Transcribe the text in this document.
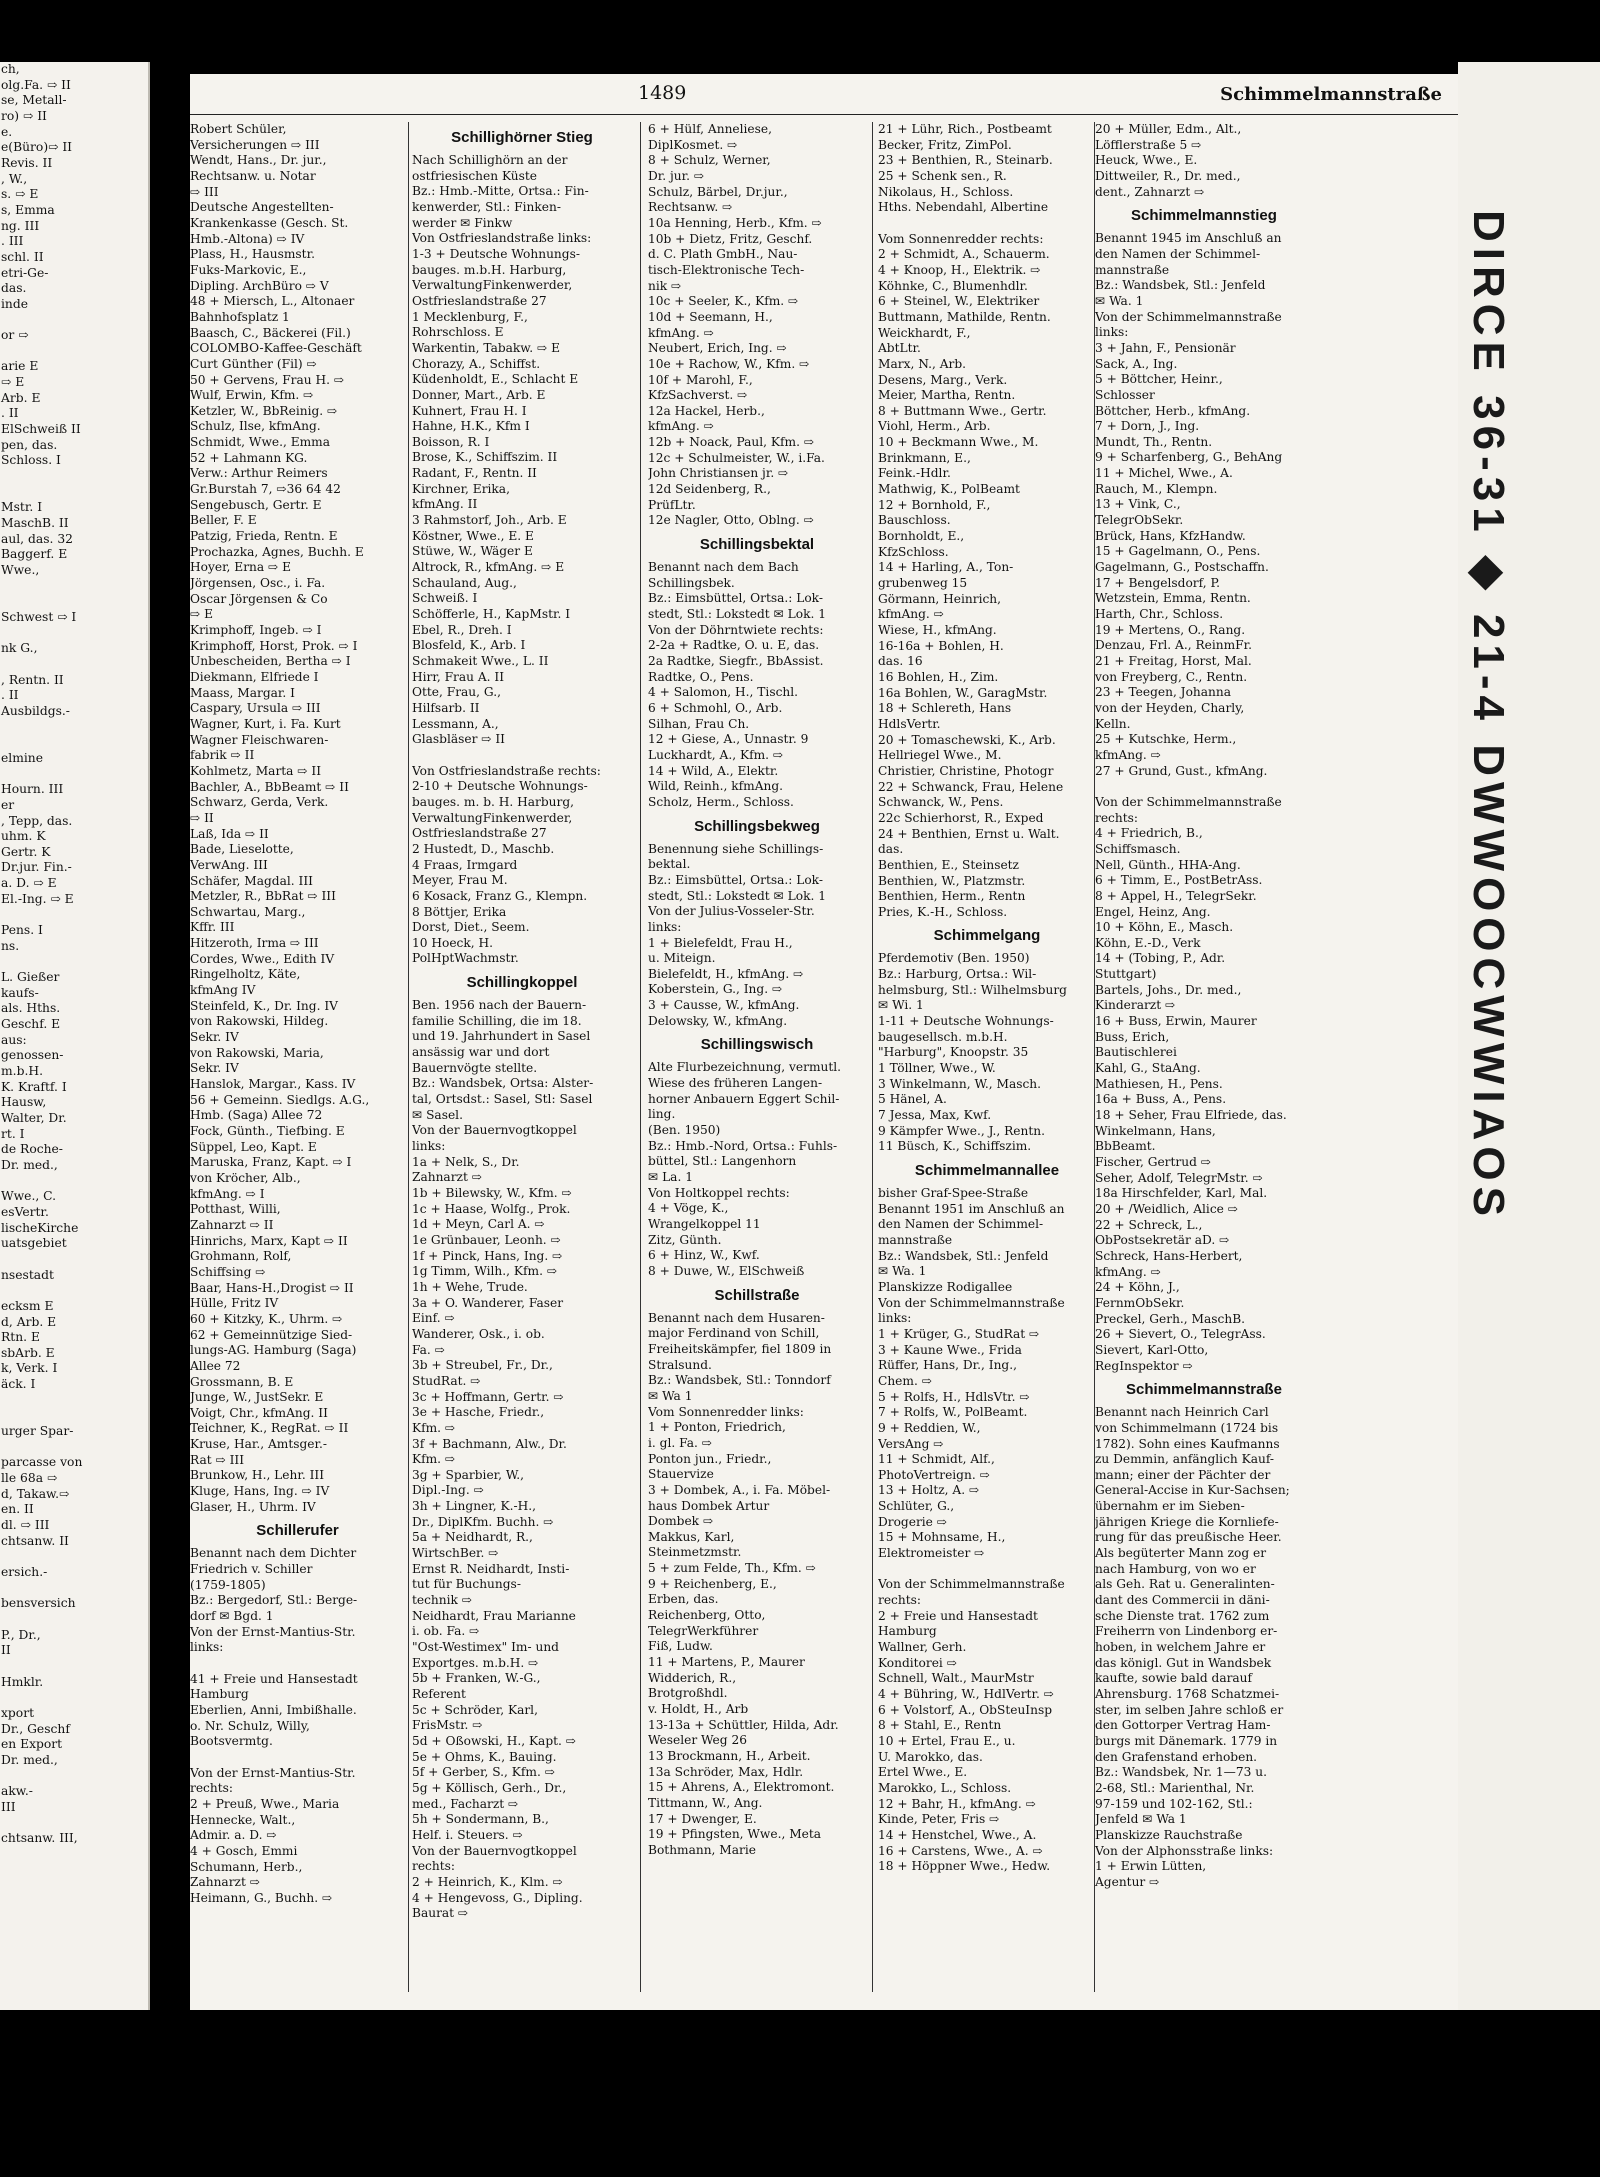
ch,
olg.Fa. ⇨ II
se, Metall-
ro) ⇨ II
e.
e(Büro)⇨ II
Revis. II
, W.,
s. ⇨ E
s, Emma
ng. III
. III
schl. II
etri-Ge-
das.
inde

or ⇨

arie E
⇨ E
Arb. E
. II
ElSchweiß II
pen, das.
Schloss. I

Mstr. I
MaschB. II
aul, das. 32
Baggerf. E
Wwe.,

Schwest ⇨ I

nk G.,

, Rentn. II
. II
Ausbildgs.-

elmine

Hourn. III
er
, Tepp, das.
uhm. K
Gertr. K
Dr.jur. Fin.-
a. D. ⇨ E
El.-Ing. ⇨ E

Pens. I
ns.

L. Gießer
kaufs-
als. Hths.
Geschf. E
aus:
genossen-
m.b.H.
K. Kraftf. I
Hausw,
Walter, Dr.
rt. I
de Roche-
Dr. med.,

Wwe., C.
esVertr.
lischeKirche
uatsgebiet

nsestadt

ecksm E
d, Arb. E
Rtn. E
sbArb. E
k, Verk. I
äck. I

urger Spar-

parcasse von
lle 68a ⇨
d, Takaw.⇨
en. II
dl. ⇨ III
chtsanw. II

ersich.-

bensversich

P., Dr.,
II

Hmklr.

xport
Dr., Geschf
en Export
Dr. med.,

akw.-
III

chtsanw. III,
1489	Schimmelmannstraße
Robert Schüler,
Versicherungen ⇨ III
Wendt, Hans., Dr. jur.,
Rechtsanw. u. Notar
⇨ III
Deutsche Angestellten-
Krankenkasse (Gesch. St.
Hmb.-Altona) ⇨ IV
Plass, H., Hausmstr.
Fuks-Markovic, E.,
Dipling. ArchBüro ⇨ V
48 + Miersch, L., Altonaer
Bahnhofsplatz 1
Baasch, C., Bäckerei (Fil.)
COLOMBO-Kaffee-Geschäft
Curt Günther (Fil) ⇨
50 + Gervens, Frau H. ⇨
Wulf, Erwin, Kfm. ⇨
Ketzler, W., BbReinig. ⇨
Schulz, Ilse, kfmAng.
Schmidt, Wwe., Emma
52 + Lahmann KG.
Verw.: Arthur Reimers
Gr.Burstah 7, ⇨36 64 42
Sengebusch, Gertr. E
Beller, F. E
Patzig, Frieda, Rentn. E
Prochazka, Agnes, Buchh. E
Hoyer, Erna ⇨ E
Jörgensen, Osc., i. Fa.
Oscar Jörgensen & Co
⇨ E
Krimphoff, Ingeb. ⇨ I
Krimphoff, Horst, Prok. ⇨ I
Unbescheiden, Bertha ⇨ I
Diekmann, Elfriede I
Maass, Margar. I
Caspary, Ursula ⇨ III
Wagner, Kurt, i. Fa. Kurt
Wagner Fleischwaren-
fabrik ⇨ II
Kohlmetz, Marta ⇨ II
Bachler, A., BbBeamt ⇨ II
Schwarz, Gerda, Verk.
⇨ II
Laß, Ida ⇨ II
Bade, Lieselotte,
VerwAng. III
Schäfer, Magdal. III
Metzler, R., BbRat ⇨ III
Schwartau, Marg.,
Kffr. III
Hitzeroth, Irma ⇨ III
Cordes, Wwe., Edith IV
Ringelholtz, Käte,
kfmAng IV
Steinfeld, K., Dr. Ing. IV
von Rakowski, Hildeg.
Sekr. IV
von Rakowski, Maria,
Sekr. IV
Hanslok, Margar., Kass. IV
56 + Gemeinn. Siedlgs. A.G.,
Hmb. (Saga) Allee 72
Fock, Günth., Tiefbing. E
Süppel, Leo, Kapt. E
Maruska, Franz, Kapt. ⇨ I
von Kröcher, Alb.,
kfmAng. ⇨ I
Potthast, Willi,
Zahnarzt ⇨ II
Hinrichs, Marx, Kapt ⇨ II
Grohmann, Rolf,
Schiffsing ⇨
Baar, Hans-H.,Drogist ⇨ II
Hülle, Fritz IV
60 + Kitzky, K., Uhrm. ⇨
62 + Gemeinnützige Sied-
lungs-AG. Hamburg (Saga)
Allee 72
Grossmann, B. E
Junge, W., JustSekr. E
Voigt, Chr., kfmAng. II
Teichner, K., RegRat. ⇨ II
Kruse, Har., Amtsger.-
Rat ⇨ III
Brunkow, H., Lehr. III
Kluge, Hans, Ing. ⇨ IV
Glaser, H., Uhrm. IV
Schillerufer
Benannt nach dem Dichter
Friedrich v. Schiller
(1759-1805)
Bz.: Bergedorf, Stl.: Berge-
dorf ✉ Bgd. 1
Von der Ernst-Mantius-Str.
links:

41 + Freie und Hansestadt
Hamburg
Eberlien, Anni, Imbißhalle.
o. Nr. Schulz, Willy,
Bootsvermtg.

Von der Ernst-Mantius-Str.
rechts:
2 + Preuß, Wwe., Maria
Hennecke, Walt.,
Admir. a. D. ⇨
4 + Gosch, Emmi
Schumann, Herb.,
Zahnarzt ⇨
Heimann, G., Buchh. ⇨
Schillighörner Stieg
Nach Schillighörn an der
ostfriesischen Küste
Bz.: Hmb.-Mitte, Ortsa.: Fin-
kenwerder, Stl.: Finken-
werder ✉ Finkw
Von Ostfrieslandstraße links:
1-3 + Deutsche Wohnungs-
bauges. m.b.H. Harburg,
VerwaltungFinkenwerder,
Ostfrieslandstraße 27
1 Mecklenburg, F.,
Rohrschloss. E
Warkentin, Tabakw. ⇨ E
Chorazy, A., Schiffst.
Küdenholdt, E., Schlacht E
Donner, Mart., Arb. E
Kuhnert, Frau H. I
Hahne, H.K., Kfm I
Boisson, R. I
Brose, K., Schiffszim. II
Radant, F., Rentn. II
Kirchner, Erika,
kfmAng. II
3 Rahmstorf, Joh., Arb. E
Köstner, Wwe., E. E
Stüwe, W., Wäger E
Altrock, R., kfmAng. ⇨ E
Schauland, Aug.,
Schweiß. I
Schöfferle, H., KapMstr. I
Ebel, R., Dreh. I
Blosfeld, K., Arb. I
Schmakeit Wwe., L. II
Hirr, Frau A. II
Otte, Frau, G.,
Hilfsarb. II
Lessmann, A.,
Glasbläser ⇨ II

Von Ostfrieslandstraße rechts:
2-10 + Deutsche Wohnungs-
bauges. m. b. H. Harburg,
VerwaltungFinkenwerder,
Ostfrieslandstraße 27
2 Hustedt, D., Maschb.
4 Fraas, Irmgard
Meyer, Frau M.
6 Kosack, Franz G., Klempn.
8 Böttjer, Erika
Dorst, Diet., Seem.
10 Hoeck, H.
PolHptWachmstr.
Schillingkoppel
Ben. 1956 nach der Bauern-
familie Schilling, die im 18.
und 19. Jahrhundert in Sasel
ansässig war und dort
Bauernvögte stellte.
Bz.: Wandsbek, Ortsa: Alster-
tal, Ortsdst.: Sasel, Stl: Sasel
✉ Sasel.
Von der Bauernvogtkoppel
links:
1a + Nelk, S., Dr.
Zahnarzt ⇨
1b + Bilewsky, W., Kfm. ⇨
1c + Haase, Wolfg., Prok.
1d + Meyn, Carl A. ⇨
1e Grünbauer, Leonh. ⇨
1f + Pinck, Hans, Ing. ⇨
1g Timm, Wilh., Kfm. ⇨
1h + Wehe, Trude.
3a + O. Wanderer, Faser
Einf. ⇨
Wanderer, Osk., i. ob.
Fa. ⇨
3b + Streubel, Fr., Dr.,
StudRat. ⇨
3c + Hoffmann, Gertr. ⇨
3e + Hasche, Friedr.,
Kfm. ⇨
3f + Bachmann, Alw., Dr.
Kfm. ⇨
3g + Sparbier, W.,
Dipl.-Ing. ⇨
3h + Lingner, K.-H.,
Dr., DiplKfm. Buchh. ⇨
5a + Neidhardt, R.,
WirtschBer. ⇨
Ernst R. Neidhardt, Insti-
tut für Buchungs-
technik ⇨
Neidhardt, Frau Marianne
i. ob. Fa. ⇨
"Ost-Westimex" Im- und
Exportges. m.b.H. ⇨
5b + Franken, W.-G.,
Referent
5c + Schröder, Karl,
FrisMstr. ⇨
5d + Oßowski, H., Kapt. ⇨
5e + Ohms, K., Bauing.
5f + Gerber, S., Kfm. ⇨
5g + Köllisch, Gerh., Dr.,
med., Facharzt ⇨
5h + Sondermann, B.,
Helf. i. Steuers. ⇨
Von der Bauernvogtkoppel
rechts:
2 + Heinrich, K., Klm. ⇨
4 + Hengevoss, G., Dipling.
Baurat ⇨
6 + Hülf, Anneliese,
DiplKosmet. ⇨
8 + Schulz, Werner,
Dr. jur. ⇨
Schulz, Bärbel, Dr.jur.,
Rechtsanw. ⇨
10a Henning, Herb., Kfm. ⇨
10b + Dietz, Fritz, Geschf.
d. C. Plath GmbH., Nau-
tisch-Elektronische Tech-
nik ⇨
10c + Seeler, K., Kfm. ⇨
10d + Seemann, H.,
kfmAng. ⇨
Neubert, Erich, Ing. ⇨
10e + Rachow, W., Kfm. ⇨
10f + Marohl, F.,
KfzSachverst. ⇨
12a Hackel, Herb.,
kfmAng. ⇨
12b + Noack, Paul, Kfm. ⇨
12c + Schulmeister, W., i.Fa.
John Christiansen jr. ⇨
12d Seidenberg, R.,
PrüfLtr.
12e Nagler, Otto, Oblng. ⇨
Schillingsbektal
Benannt nach dem Bach
Schillingsbek.
Bz.: Eimsbüttel, Ortsa.: Lok-
stedt, Stl.: Lokstedt ✉ Lok. 1
Von der Döhrntwiete rechts:
2-2a + Radtke, O. u. E, das.
2a Radtke, Siegfr., BbAssist.
Radtke, O., Pens.
4 + Salomon, H., Tischl.
6 + Schmohl, O., Arb.
Silhan, Frau Ch.
12 + Giese, A., Unnastr. 9
Luckhardt, A., Kfm. ⇨
14 + Wild, A., Elektr.
Wild, Reinh., kfmAng.
Scholz, Herm., Schloss.
Schillingsbekweg
Benennung siehe Schillings-
bektal.
Bz.: Eimsbüttel, Ortsa.: Lok-
stedt, Stl.: Lokstedt ✉ Lok. 1
Von der Julius-Vosseler-Str.
links:
1 + Bielefeldt, Frau H.,
u. Miteign.
Bielefeldt, H., kfmAng. ⇨
Koberstein, G., Ing. ⇨
3 + Causse, W., kfmAng.
Delowsky, W., kfmAng.
Schillingswisch
Alte Flurbezeichnung, vermutl.
Wiese des früheren Langen-
horner Anbauern Eggert Schil-
ling.
(Ben. 1950)
Bz.: Hmb.-Nord, Ortsa.: Fuhls-
büttel, Stl.: Langenhorn
✉ La. 1
Von Holtkoppel rechts:
4 + Vöge, K.,
Wrangelkoppel 11
Zitz, Günth.
6 + Hinz, W., Kwf.
8 + Duwe, W., ElSchweiß
Schillstraße
Benannt nach dem Husaren-
major Ferdinand von Schill,
Freiheitskämpfer, fiel 1809 in
Stralsund.
Bz.: Wandsbek, Stl.: Tonndorf
✉ Wa 1
Vom Sonnenredder links:
1 + Ponton, Friedrich,
i. gl. Fa. ⇨
Ponton jun., Friedr.,
Stauervize
3 + Dombek, A., i. Fa. Möbel-
haus Dombek Artur
Dombek ⇨
Makkus, Karl,
Steinmetzmstr.
5 + zum Felde, Th., Kfm. ⇨
9 + Reichenberg, E.,
Erben, das.
Reichenberg, Otto,
TelegrWerkführer
Fiß, Ludw.
11 + Martens, P., Maurer
Widderich, R.,
Brotgroßhdl.
v. Holdt, H., Arb
13-13a + Schüttler, Hilda, Adr.
Weseler Weg 26
13 Brockmann, H., Arbeit.
13a Schröder, Max, Hdlr.
15 + Ahrens, A., Elektromont.
Tittmann, W., Ang.
17 + Dwenger, E.
19 + Pfingsten, Wwe., Meta
Bothmann, Marie
21 + Lühr, Rich., Postbeamt
Becker, Fritz, ZimPol.
23 + Benthien, R., Steinarb.
25 + Schenk sen., R.
Nikolaus, H., Schloss.
Hths. Nebendahl, Albertine

Vom Sonnenredder rechts:
2 + Schmidt, A., Schauerm.
4 + Knoop, H., Elektrik. ⇨
Köhnke, C., Blumenhdlr.
6 + Steinel, W., Elektriker
Buttmann, Mathilde, Rentn.
Weickhardt, F.,
AbtLtr.
Marx, N., Arb.
Desens, Marg., Verk.
Meier, Martha, Rentn.
8 + Buttmann Wwe., Gertr.
Viohl, Herm., Arb.
10 + Beckmann Wwe., M.
Brinkmann, E.,
Feink.-Hdlr.
Mathwig, K., PolBeamt
12 + Bornhold, F.,
Bauschloss.
Bornholdt, E.,
KfzSchloss.
14 + Harling, A., Ton-
grubenweg 15
Görmann, Heinrich,
kfmAng. ⇨
Wiese, H., kfmAng.
16-16a + Bohlen, H.
das. 16
16 Bohlen, H., Zim.
16a Bohlen, W., GaragMstr.
18 + Schlereth, Hans
HdlsVertr.
20 + Tomaschewski, K., Arb.
Hellriegel Wwe., M.
Christier, Christine, Photogr
22 + Schwanck, Frau, Helene
Schwanck, W., Pens.
22c Schierhorst, R., Exped
24 + Benthien, Ernst u. Walt.
das.
Benthien, E., Steinsetz
Benthien, W., Platzmstr.
Benthien, Herm., Rentn
Pries, K.-H., Schloss.
Schimmelgang
Pferdemotiv (Ben. 1950)
Bz.: Harburg, Ortsa.: Wil-
helmsburg, Stl.: Wilhelmsburg
✉ Wi. 1
1-11 + Deutsche Wohnungs-
baugesellsch. m.b.H.
"Harburg", Knoopstr. 35
1 Töllner, Wwe., W.
3 Winkelmann, W., Masch.
5 Hänel, A.
7 Jessa, Max, Kwf.
9 Kämpfer Wwe., J., Rentn.
11 Büsch, K., Schiffszim.
Schimmelmannallee
bisher Graf-Spee-Straße
Benannt 1951 im Anschluß an
den Namen der Schimmel-
mannstraße
Bz.: Wandsbek, Stl.: Jenfeld
✉ Wa. 1
Planskizze Rodigallee
Von der Schimmelmannstraße
links:
1 + Krüger, G., StudRat ⇨
3 + Kaune Wwe., Frida
Rüffer, Hans, Dr., Ing.,
Chem. ⇨
5 + Rolfs, H., HdlsVtr. ⇨
7 + Rolfs, W., PolBeamt.
9 + Reddien, W.,
VersAng ⇨
11 + Schmidt, Alf.,
PhotoVertreign. ⇨
13 + Holtz, A. ⇨
Schlüter, G.,
Drogerie ⇨
15 + Mohnsame, H.,
Elektromeister ⇨

Von der Schimmelmannstraße
rechts:
2 + Freie und Hansestadt
Hamburg
Wallner, Gerh.
Konditorei ⇨
Schnell, Walt., MaurMstr
4 + Bühring, W., HdlVertr. ⇨
6 + Volstorf, A., ObSteuInsp
8 + Stahl, E., Rentn
10 + Ertel, Frau E., u.
U. Marokko, das.
Ertel Wwe., E.
Marokko, L., Schloss.
12 + Bahr, H., kfmAng. ⇨
Kinde, Peter, Fris ⇨
14 + Henstchel, Wwe., A.
16 + Carstens, Wwe., A. ⇨
18 + Höppner Wwe., Hedw.
20 + Müller, Edm., Alt.,
Löfflerstraße 5 ⇨
Heuck, Wwe., E.
Dittweiler, R., Dr. med.,
dent., Zahnarzt ⇨
Schimmelmannstieg
Benannt 1945 im Anschluß an
den Namen der Schimmel-
mannstraße
Bz.: Wandsbek, Stl.: Jenfeld
✉ Wa. 1
Von der Schimmelmannstraße
links:
3 + Jahn, F., Pensionär
Sack, A., Ing.
5 + Böttcher, Heinr.,
Schlosser
Böttcher, Herb., kfmAng.
7 + Dorn, J., Ing.
Mundt, Th., Rentn.
9 + Scharfenberg, G., BehAng
11 + Michel, Wwe., A.
Rauch, M., Klempn.
13 + Vink, C.,
TelegrObSekr.
Brück, Hans, KfzHandw.
15 + Gagelmann, O., Pens.
Gagelmann, G., Postschaffn.
17 + Bengelsdorf, P.
Wetzstein, Emma, Rentn.
Harth, Chr., Schloss.
19 + Mertens, O., Rang.
Denzau, Frl. A., ReinmFr.
21 + Freitag, Horst, Mal.
von Freyberg, C., Rentn.
23 + Teegen, Johanna
von der Heyden, Charly,
Kelln.
25 + Kutschke, Herm.,
kfmAng. ⇨
27 + Grund, Gust., kfmAng.

Von der Schimmelmannstraße
rechts:
4 + Friedrich, B.,
Schiffsmasch.
Nell, Günth., HHA-Ang.
6 + Timm, E., PostBetrAss.
8 + Appel, H., TelegrSekr.
Engel, Heinz, Ang.
10 + Köhn, E., Masch.
Köhn, E.-D., Verk
14 + (Tobing, P., Adr.
Stuttgart)
Bartels, Johs., Dr. med.,
Kinderarzt ⇨
16 + Buss, Erwin, Maurer
Buss, Erich,
Bautischlerei
Kahl, G., StaAng.
Mathiesen, H., Pens.
16a + Buss, A., Pens.
18 + Seher, Frau Elfriede, das.
Winkelmann, Hans,
BbBeamt.
Fischer, Gertrud ⇨
Seher, Adolf, TelegrMstr. ⇨
18a Hirschfelder, Karl, Mal.
20 + /Weidlich, Alice ⇨
22 + Schreck, L.,
ObPostsekretär aD. ⇨
Schreck, Hans-Herbert,
kfmAng. ⇨
24 + Köhn, J.,
FernmObSekr.
Preckel, Gerh., MaschB.
26 + Sievert, O., TelegrAss.
Sievert, Karl-Otto,
RegInspektor ⇨
Schimmelmannstraße
Benannt nach Heinrich Carl
von Schimmelmann (1724 bis
1782). Sohn eines Kaufmanns
zu Demmin, anfänglich Kauf-
mann; einer der Pächter der
General-Accise in Kur-Sachsen;
übernahm er im Sieben-
jährigen Kriege die Kornliefe-
rung für das preußische Heer.
Als begüterter Mann zog er
nach Hamburg, von wo er
als Geh. Rat u. Generalinten-
dant des Commercii in däni-
sche Dienste trat. 1762 zum
Freiherrn von Lindenborg er-
hoben, in welchem Jahre er
das königl. Gut in Wandsbek
kaufte, sowie bald darauf
Ahrensburg. 1768 Schatzmei-
ster, im selben Jahre schloß er
den Gottorper Vertrag Ham-
burgs mit Dänemark. 1779 in
den Grafenstand erhoben.
Bz.: Wandsbek, Nr. 1—73 u.
2-68, Stl.: Marienthal, Nr.
97-159 und 102-162, Stl.:
Jenfeld ✉ Wa 1
Planskizze Rauchstraße
Von der Alphonsstraße links:
1 + Erwin Lütten,
Agentur ⇨
DIRCE 36-31 ◆ 21-4 DWWOOCWWIAOS
